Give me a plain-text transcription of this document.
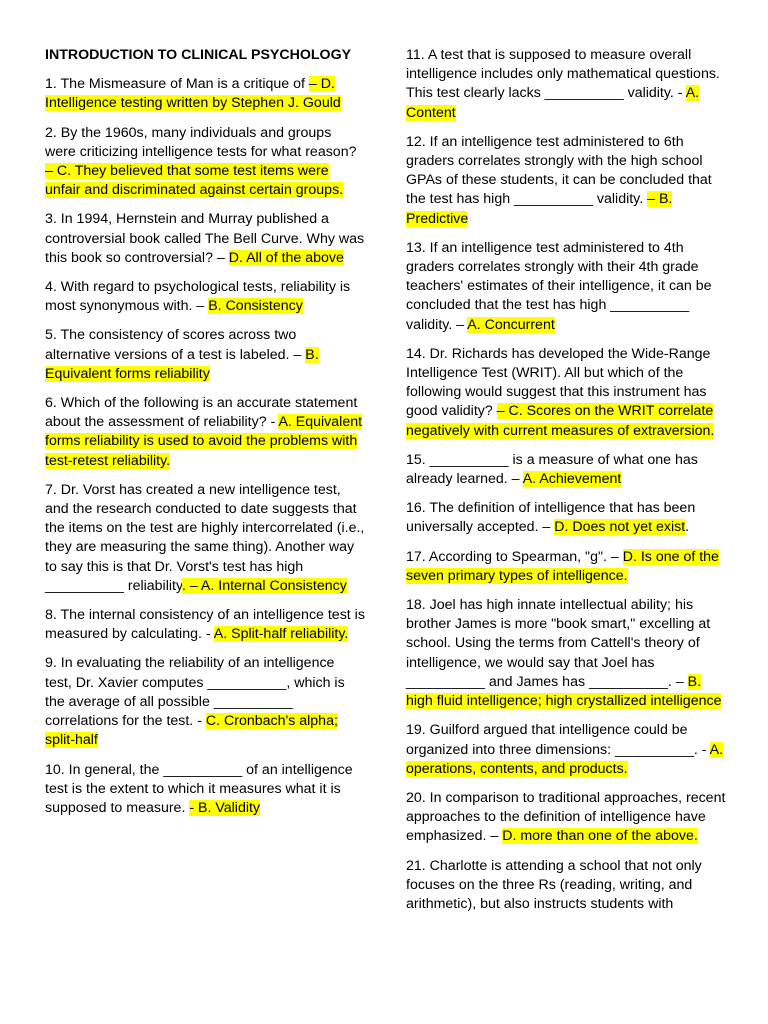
INTRODUCTION TO CLINICAL PSYCHOLOGY
1. The Mismeasure of Man is a critique of – D. Intelligence testing written by Stephen J. Gould
2. By the 1960s, many individuals and groups were criticizing intelligence tests for what reason? – C. They believed that some test items were unfair and discriminated against certain groups.
3. In 1994, Hernstein and Murray published a controversial book called The Bell Curve. Why was this book so controversial? – D. All of the above
4. With regard to psychological tests, reliability is most synonymous with. – B. Consistency
5. The consistency of scores across two alternative versions of a test is labeled. – B. Equivalent forms reliability
6. Which of the following is an accurate statement about the assessment of reliability? - A. Equivalent forms reliability is used to avoid the problems with test-retest reliability.
7. Dr. Vorst has created a new intelligence test, and the research conducted to date suggests that the items on the test are highly intercorrelated (i.e., they are measuring the same thing). Another way to say this is that Dr. Vorst's test has high __________ reliability. – A. Internal Consistency
8. The internal consistency of an intelligence test is measured by calculating. - A. Split-half reliability.
9. In evaluating the reliability of an intelligence test, Dr. Xavier computes __________, which is the average of all possible __________ correlations for the test. - C. Cronbach's alpha; split-half
10. In general, the __________ of an intelligence test is the extent to which it measures what it is supposed to measure. - B. Validity
11. A test that is supposed to measure overall intelligence includes only mathematical questions. This test clearly lacks __________ validity. - A. Content
12. If an intelligence test administered to 6th graders correlates strongly with the high school GPAs of these students, it can be concluded that the test has high __________ validity. – B. Predictive
13. If an intelligence test administered to 4th graders correlates strongly with their 4th grade teachers' estimates of their intelligence, it can be concluded that the test has high __________ validity. – A. Concurrent
14. Dr. Richards has developed the Wide-Range Intelligence Test (WRIT). All but which of the following would suggest that this instrument has good validity? – C. Scores on the WRIT correlate negatively with current measures of extraversion.
15. __________ is a measure of what one has already learned. – A. Achievement
16. The definition of intelligence that has been universally accepted. – D. Does not yet exist.
17. According to Spearman, "g". – D. Is one of the seven primary types of intelligence.
18. Joel has high innate intellectual ability; his brother James is more "book smart," excelling at school. Using the terms from Cattell's theory of intelligence, we would say that Joel has __________ and James has __________. – B. high fluid intelligence; high crystallized intelligence
19. Guilford argued that intelligence could be organized into three dimensions: __________. - A. operations, contents, and products.
20. In comparison to traditional approaches, recent approaches to the definition of intelligence have emphasized. – D. more than one of the above.
21. Charlotte is attending a school that not only focuses on the three Rs (reading, writing, and arithmetic), but also instructs students with
